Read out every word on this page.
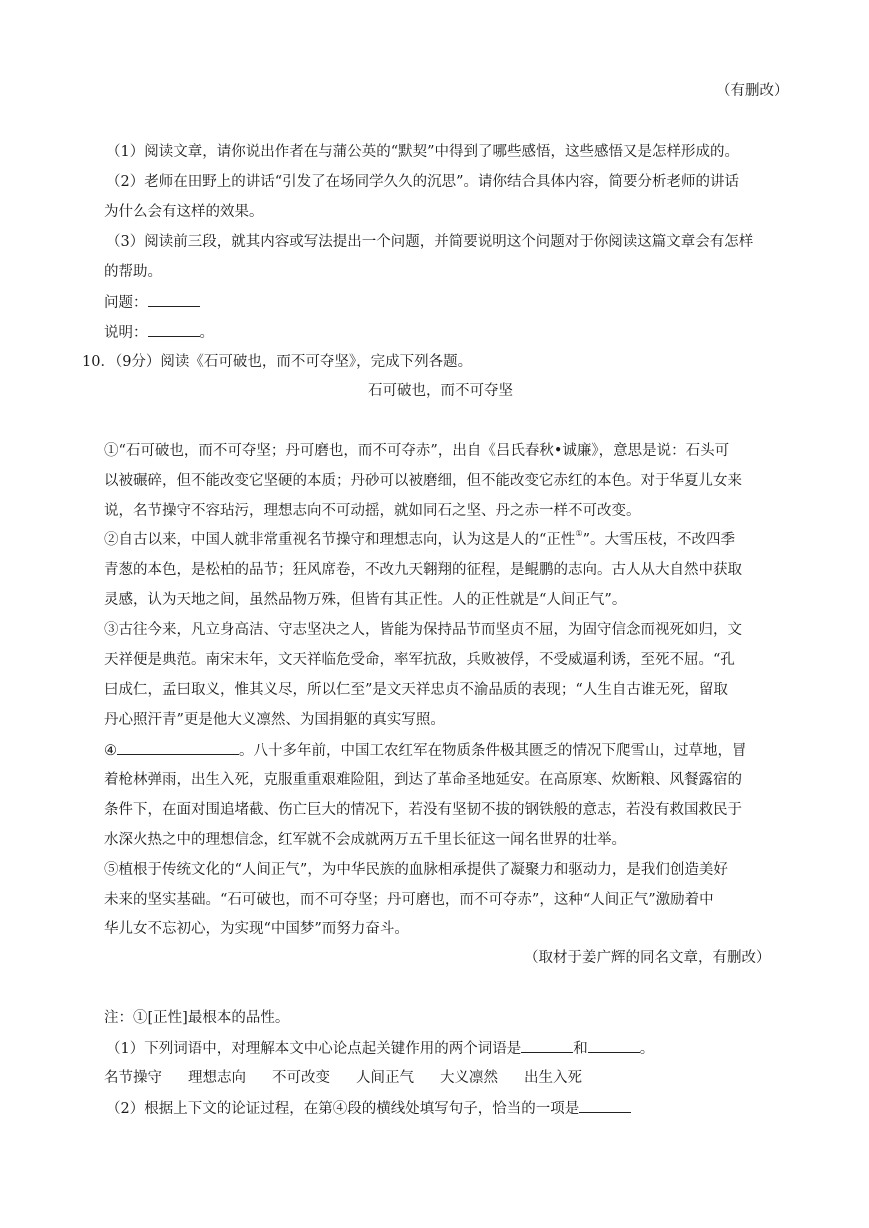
（有删改）
（1）阅读文章，请你说出作者在与蒲公英的“默契”中得到了哪些感悟，这些感悟又是怎样形成的。
（2）老师在田野上的讲话“引发了在场同学久久的沉思”。请你结合具体内容，简要分析老师的讲话
为什么会有这样的效果。
（3）阅读前三段，就其内容或写法提出一个问题，并简要说明这个问题对于你阅读这篇文章会有怎样
的帮助。
问题：
说明：	。
10．（9分）阅读《石可破也，而不可夺坚》，完成下列各题。
石可破也，而不可夺坚
①“石可破也，而不可夺坚；丹可磨也，而不可夺赤”，出自《吕氏春秋•诚廉》，意思是说：石头可
以被碾碎，但不能改变它坚硬的本质；丹砂可以被磨细，但不能改变它赤红的本色。对于华夏儿女来
说，名节操守不容玷污，理想志向不可动摇，就如同石之坚、丹之赤一样不可改变。
②自古以来，中国人就非常重视名节操守和理想志向，认为这是人的“正性①”。大雪压枝，不改四季
青葱的本色，是松柏的品节；狂风席卷，不改九天翱翔的征程，是鲲鹏的志向。古人从大自然中获取
灵感，认为天地之间，虽然品物万殊，但皆有其正性。人的正性就是“人间正气”。
③古往今来，凡立身高洁、守志坚决之人，皆能为保持品节而坚贞不屈，为固守信念而视死如归，文
天祥便是典范。南宋末年，文天祥临危受命，率军抗敌，兵败被俘，不受威逼利诱，至死不屈。“孔
曰成仁，孟曰取义，惟其义尽，所以仁至”是文天祥忠贞不渝品质的表现；“人生自古谁无死，留取
丹心照汗青”更是他大义凛然、为国捐躯的真实写照。
④	。八十多年前，中国工农红军在物质条件极其匮乏的情况下爬雪山，过草地，冒
着枪林弹雨，出生入死，克服重重艰难险阻，到达了革命圣地延安。在高原寒、炊断粮、风餐露宿的
条件下，在面对围追堵截、伤亡巨大的情况下，若没有坚韧不拔的钢铁般的意志，若没有救国救民于
水深火热之中的理想信念，红军就不会成就两万五千里长征这一闻名世界的壮举。
⑤植根于传统文化的“人间正气”，为中华民族的血脉相承提供了凝聚力和驱动力，是我们创造美好
未来的坚实基础。“石可破也，而不可夺坚；丹可磨也，而不可夺赤”，这种“人间正气”激励着中
华儿女不忘初心，为实现“中国梦”而努力奋斗。
（取材于姜广辉的同名文章，有删改）
注：①[正性]最根本的品性。
（1）下列词语中，对理解本文中心论点起关键作用的两个词语是	和	。
名节操守 理想志向 不可改变 人间正气 大义凛然 出生入死
（2）根据上下文的论证过程，在第④段的横线处填写句子，恰当的一项是
